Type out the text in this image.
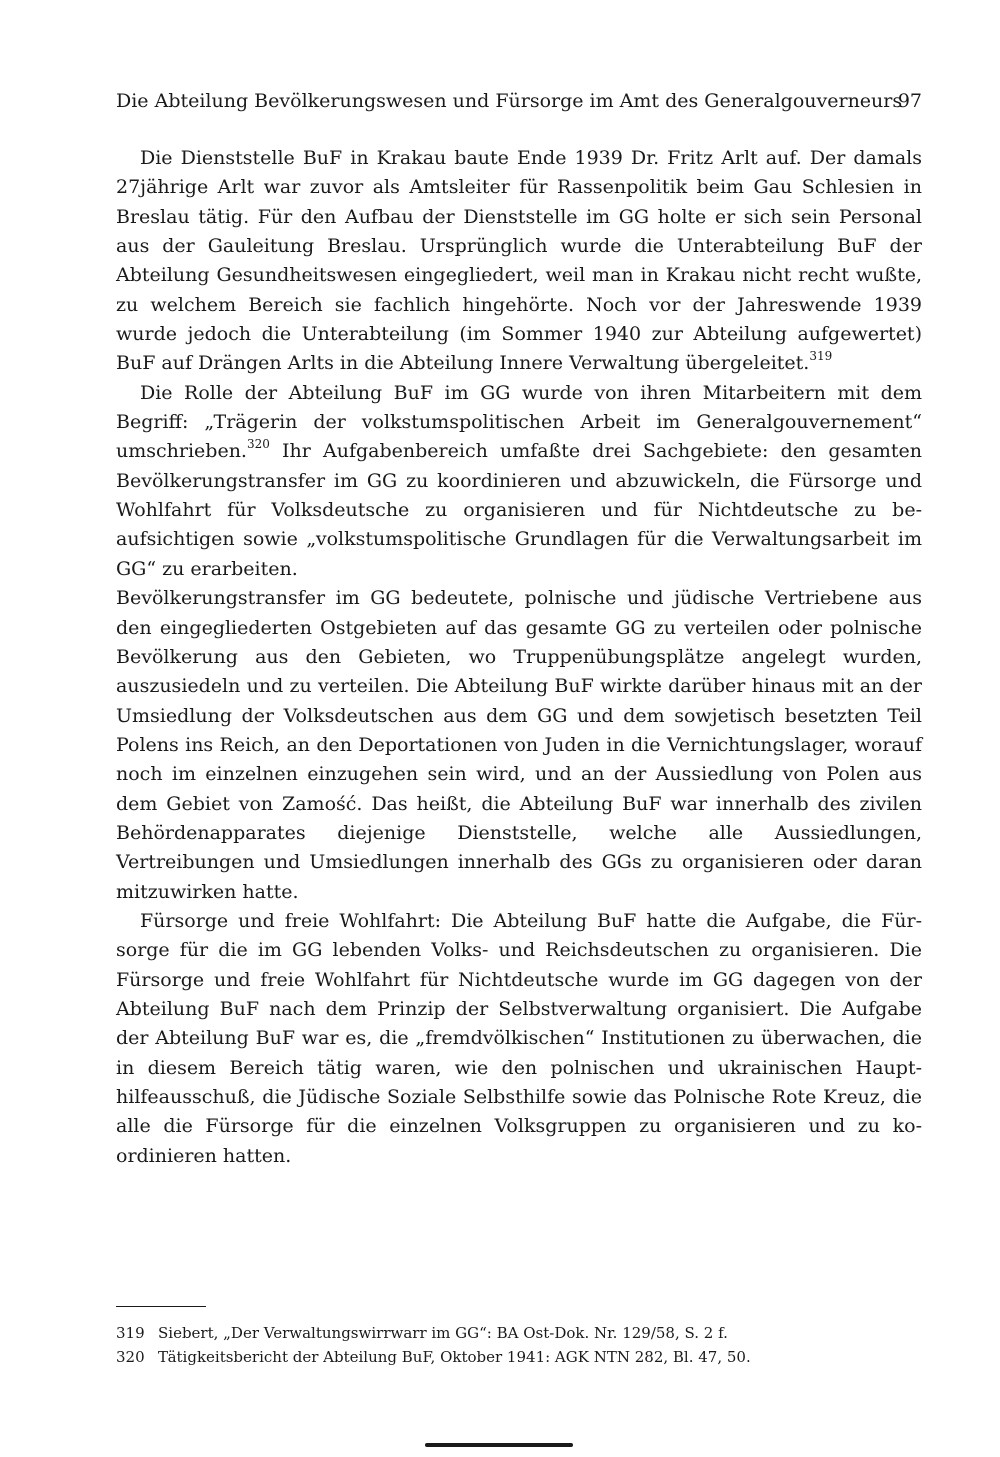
Die Abteilung Bevölkerungswesen und Fürsorge im Amt des Generalgouverneurs
97

Die Dienststelle BuF in Krakau baute Ende 1939 Dr. Fritz Arlt auf. Der damals 27jährige Arlt war zuvor als Amtsleiter für Rassenpolitik beim Gau Schlesien in Breslau tätig. Für den Aufbau der Dienststelle im GG holte er sich sein Personal aus der Gauleitung Breslau. Ursprünglich wurde die Unterabteilung BuF der Abteilung Gesundheitswesen eingegliedert, weil man in Krakau nicht recht wußte, zu welchem Bereich sie fachlich hingehörte. Noch vor der Jahreswende 1939 wurde jedoch die Unterabteilung (im Sommer 1940 zur Abteilung aufgewertet) BuF auf Drängen Arlts in die Abteilung Innere Verwaltung übergeleitet.$^{319}$

Die Rolle der Abteilung BuF im GG wurde von ihren Mitarbeitern mit dem Begriff: „Trägerin der volkstumspolitischen Arbeit im Generalgouvernement“ umschrieben.$^{320}$ Ihr Aufgabenbereich umfaßte drei Sachgebiete: den gesamten Bevölkerungstransfer im GG zu koordinieren und abzuwickeln, die Fürsorge und Wohlfahrt für Volksdeutsche zu organisieren und für Nichtdeutsche zu beaufsichtigen sowie „volkstumspolitische Grundlagen für die Verwaltungsarbeit im GG“ zu erarbeiten.

Bevölkerungstransfer im GG bedeutete, polnische und jüdische Vertriebene aus den eingegliederten Ostgebieten auf das gesamte GG zu verteilen oder polnische Bevölkerung aus den Gebieten, wo Truppenübungsplätze angelegt wurden, auszusiedeln und zu verteilen. Die Abteilung BuF wirkte darüber hinaus mit an der Umsiedlung der Volksdeutschen aus dem GG und dem sowjetisch besetzten Teil Polens ins Reich, an den Deportationen von Juden in die Vernichtungslager, worauf noch im einzelnen einzugehen sein wird, und an der Aussiedlung von Polen aus dem Gebiet von Zamość. Das heißt, die Abteilung BuF war innerhalb des zivilen Behördenapparates diejenige Dienststelle, welche alle Aussiedlungen, Vertreibungen und Umsiedlungen innerhalb des GGs zu organisieren oder daran mitzuwirken hatte.

Fürsorge und freie Wohlfahrt: Die Abteilung BuF hatte die Aufgabe, die Fürsorge für die im GG lebenden Volks- und Reichsdeutschen zu organisieren. Die Fürsorge und freie Wohlfahrt für Nichtdeutsche wurde im GG dagegen von der Abteilung BuF nach dem Prinzip der Selbstverwaltung organisiert. Die Aufgabe der Abteilung BuF war es, die „fremdvölkischen“ Institutionen zu überwachen, die in diesem Bereich tätig waren, wie den polnischen und ukrainischen Haupthilfeausschuß, die Jüdische Soziale Selbsthilfe sowie das Polnische Rote Kreuz, die alle die Fürsorge für die einzelnen Volksgruppen zu organisieren und zu koordinieren hatten.

319 Siebert, „Der Verwaltungswirrwarr im GG“: BA Ost-Dok. Nr. 129/58, S. 2 f.
320 Tätigkeitsbericht der Abteilung BuF, Oktober 1941: AGK NTN 282, Bl. 47, 50.
